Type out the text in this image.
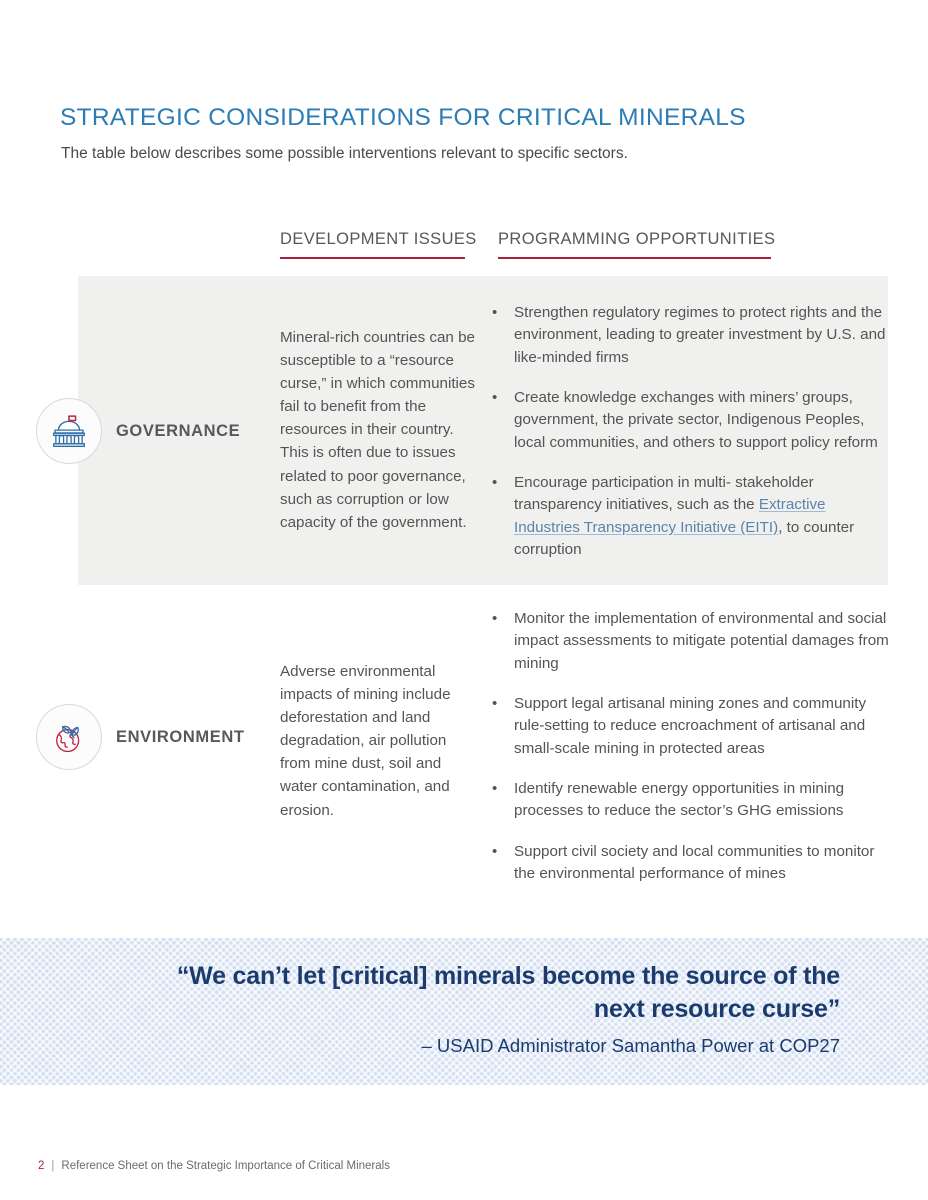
STRATEGIC CONSIDERATIONS FOR CRITICAL MINERALS
The table below describes some possible interventions relevant to specific sectors.
DEVELOPMENT ISSUES PROGRAMMING OPPORTUNITIES
GOVERNANCE
Mineral-rich countries can be susceptible to a “resource curse,” in which communities fail to benefit from the resources in their country. This is often due to issues related to poor governance, such as corruption or low capacity of the government.
• Strengthen regulatory regimes to protect rights and the environment, leading to greater investment by U.S. and like-minded firms
• Create knowledge exchanges with miners’ groups, government, the private sector, Indigenous Peoples, local communities, and others to support policy reform
• Encourage participation in multi- stakeholder transparency initiatives, such as the Extractive Industries Transparency Initiative (EITI), to counter corruption
ENVIRONMENT
Adverse environmental impacts of mining include deforestation and land degradation, air pollution from mine dust, soil and water contamination, and erosion.
• Monitor the implementation of environmental and social impact assessments to mitigate potential damages from mining
• Support legal artisanal mining zones and community rule-setting to reduce encroachment of artisanal and small-scale mining in protected areas
• Identify renewable energy opportunities in mining processes to reduce the sector’s GHG emissions
• Support civil society and local communities to monitor the environmental performance of mines
“We can’t let [critical] minerals become the source of the next resource curse”
– USAID Administrator Samantha Power at COP27
2 | Reference Sheet on the Strategic Importance of Critical Minerals
